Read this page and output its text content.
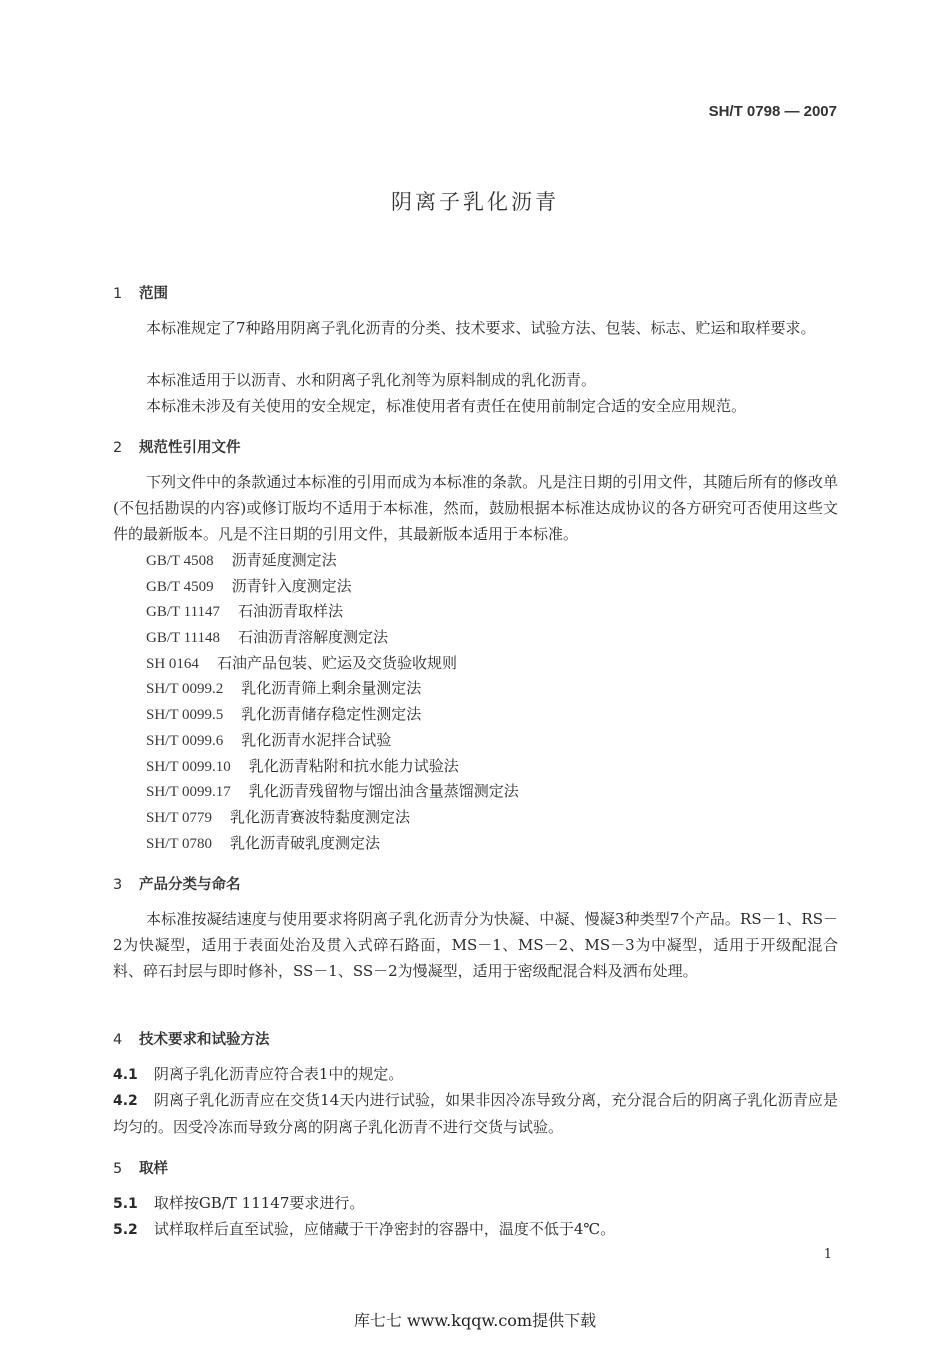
SH/T 0798 — 2007
阴离子乳化沥青
1 范围

本标准规定了7种路用阴离子乳化沥青的分类、技术要求、试验方法、包装、标志、贮运和取样要求。

本标准适用于以沥青、水和阴离子乳化剂等为原料制成的乳化沥青。

本标准未涉及有关使用的安全规定，标准使用者有责任在使用前制定合适的安全应用规范。

2 规范性引用文件

下列文件中的条款通过本标准的引用而成为本标准的条款。凡是注日期的引用文件，其随后所有的修改单(不包括勘误的内容)或修订版均不适用于本标准，然而，鼓励根据本标准达成协议的各方研究可否使用这些文件的最新版本。凡是不注日期的引用文件，其最新版本适用于本标准。

GB/T 4508 沥青延度测定法
GB/T 4509 沥青针入度测定法
GB/T 11147 石油沥青取样法
GB/T 11148 石油沥青溶解度测定法
SH 0164 石油产品包装、贮运及交货验收规则
SH/T 0099.2 乳化沥青筛上剩余量测定法
SH/T 0099.5 乳化沥青储存稳定性测定法
SH/T 0099.6 乳化沥青水泥拌合试验
SH/T 0099.10 乳化沥青粘附和抗水能力试验法
SH/T 0099.17 乳化沥青残留物与馏出油含量蒸馏测定法
SH/T 0779 乳化沥青赛波特黏度测定法
SH/T 0780 乳化沥青破乳度测定法
3 产品分类与命名

本标准按凝结速度与使用要求将阴离子乳化沥青分为快凝、中凝、慢凝3种类型7个产品。RS－1、RS－2为快凝型，适用于表面处治及贯入式碎石路面，MS－1、MS－2、MS－3为中凝型，适用于开级配混合料、碎石封层与即时修补，SS－1、SS－2为慢凝型，适用于密级配混合料及洒布处理。

4 技术要求和试验方法

4.1 阴离子乳化沥青应符合表1中的规定。

4.2 阴离子乳化沥青应在交货14天内进行试验，如果非因冷冻导致分离，充分混合后的阴离子乳化沥青应是均匀的。因受冷冻而导致分离的阴离子乳化沥青不进行交货与试验。

5 取样

5.1 取样按GB/T 11147要求进行。

5.2 试样取样后直至试验，应储藏于干净密封的容器中，温度不低于4℃。

1
库七七 www.kqqw.com提供下载
